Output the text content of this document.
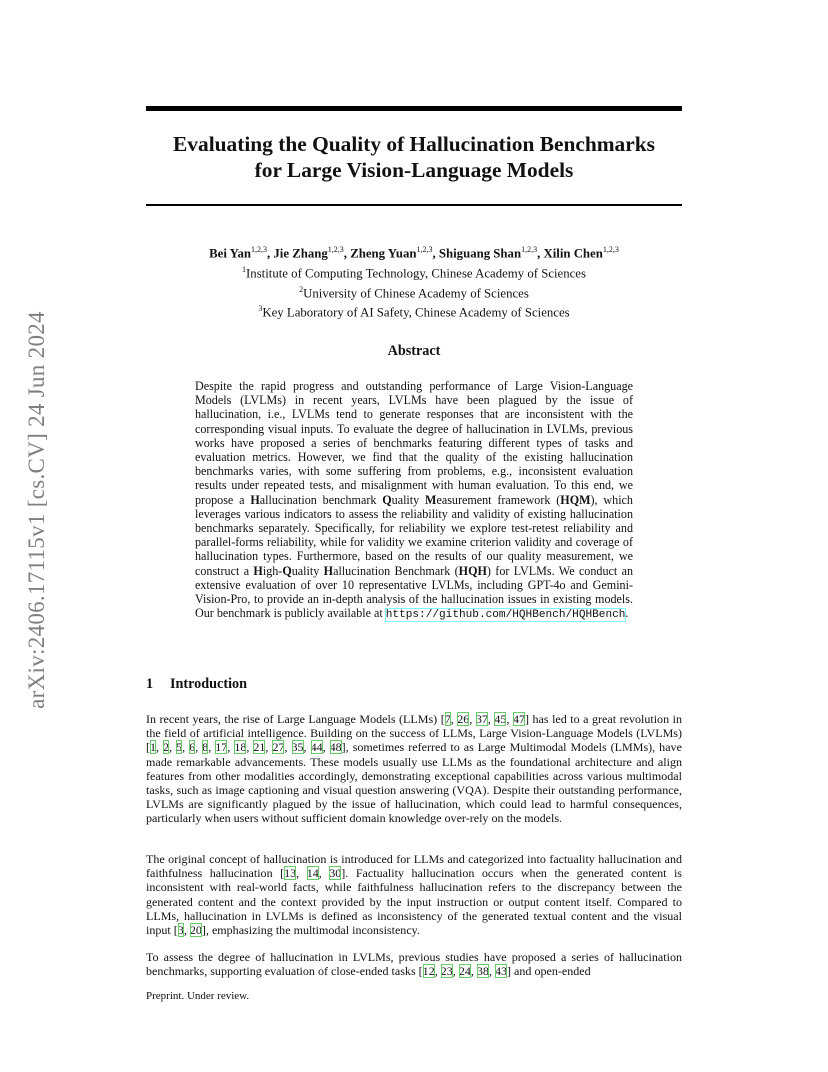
arXiv:2406.17115v1 [cs.CV] 24 Jun 2024
Evaluating the Quality of Hallucination Benchmarks
for Large Vision-Language Models
Bei Yan$^{1,2,3}$, Jie Zhang$^{1,2,3}$, Zheng Yuan$^{1,2,3}$, Shiguang Shan$^{1,2,3}$, Xilin Chen$^{1,2,3}$
$^1$Institute of Computing Technology, Chinese Academy of Sciences
$^2$University of Chinese Academy of Sciences
$^3$Key Laboratory of AI Safety, Chinese Academy of Sciences
Abstract

Despite the rapid progress and outstanding performance of Large Vision-Language Models (LVLMs) in recent years, LVLMs have been plagued by the issue of hallucination, i.e., LVLMs tend to generate responses that are inconsistent with the corresponding visual inputs. To evaluate the degree of hallucination in LVLMs, previous works have proposed a series of benchmarks featuring different types of tasks and evaluation metrics. However, we find that the quality of the existing hallucination benchmarks varies, with some suffering from problems, e.g., inconsistent evaluation results under repeated tests, and misalignment with human evaluation. To this end, we propose a Hallucination benchmark Quality Measurement framework (HQM), which leverages various indicators to assess the reliability and validity of existing hallucination benchmarks separately. Specifically, for reliability we explore test-retest reliability and parallel-forms reliability, while for validity we examine criterion validity and coverage of hallucination types. Furthermore, based on the results of our quality measurement, we construct a High-Quality Hallucination Benchmark (HQH) for LVLMs. We conduct an extensive evaluation of over 10 representative LVLMs, including GPT-4o and Gemini-Vision-Pro, to provide an in-depth analysis of the hallucination issues in existing models. Our benchmark is publicly available at https://github.com/HQHBench/HQHBench.

1 Introduction

In recent years, the rise of Large Language Models (LLMs) [7, 26, 37, 45, 47] has led to a great revolution in the field of artificial intelligence. Building on the success of LLMs, Large Vision-Language Models (LVLMs) [1, 2, 5, 6, 8, 17, 18, 21, 27, 35, 44, 48], sometimes referred to as Large Multimodal Models (LMMs), have made remarkable advancements. These models usually use LLMs as the foundational architecture and align features from other modalities accordingly, demonstrating exceptional capabilities across various multimodal tasks, such as image captioning and visual question answering (VQA). Despite their outstanding performance, LVLMs are significantly plagued by the issue of hallucination, which could lead to harmful consequences, particularly when users without sufficient domain knowledge over-rely on the models.

The original concept of hallucination is introduced for LLMs and categorized into factuality hallucination and faithfulness hallucination [13, 14, 30]. Factuality hallucination occurs when the generated content is inconsistent with real-world facts, while faithfulness hallucination refers to the discrepancy between the generated content and the context provided by the input instruction or output content itself. Compared to LLMs, hallucination in LVLMs is defined as inconsistency of the generated textual content and the visual input [3, 20], emphasizing the multimodal inconsistency.

To assess the degree of hallucination in LVLMs, previous studies have proposed a series of hallucination benchmarks, supporting evaluation of close-ended tasks [12, 23, 24, 38, 43] and open-ended

Preprint. Under review.
